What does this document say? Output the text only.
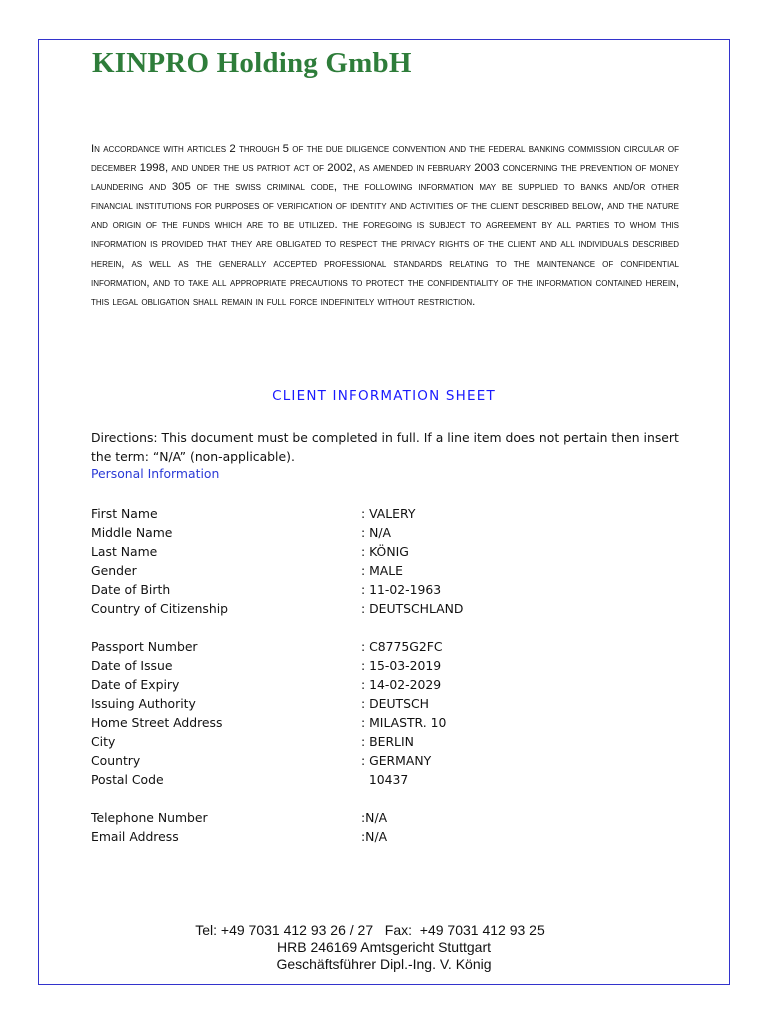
KINPRO Holding GmbH
In accordance with articles 2 through 5 of the due diligence convention and the federal banking commission circular of december 1998, and under the us patriot act of 2002, as amended in february 2003 concerning the prevention of money laundering and 305 of the swiss criminal code, the following information may be supplied to banks and/or other financial institutions for purposes of verification of identity and activities of the client described below, and the nature and origin of the funds which are to be utilized. the foregoing is subject to agreement by all parties to whom this information is provided that they are obligated to respect the privacy rights of the client and all individuals described herein, as well as the generally accepted professional standards relating to the maintenance of confidential information, and to take all appropriate precautions to protect the confidentiality of the information contained herein, this legal obligation shall remain in full force indefinitely without restriction.
CLIENT INFORMATION SHEET
Directions: This document must be completed in full. If a line item does not pertain then insert the term: “N/A” (non-applicable).
Personal Information
First Name	: VALERY
Middle Name	: N/A
Last Name	: KÖNIG
Gender	: MALE
Date of Birth	: 11-02-1963
Country of Citizenship	: DEUTSCHLAND
Passport Number	: C8775G2FC
Date of Issue	: 15-03-2019
Date of Expiry	: 14-02-2029
Issuing Authority	: DEUTSCH
Home Street Address	: MILASTR. 10
City	: BERLIN
Country	: GERMANY
Postal Code	10437
Telephone Number	:N/A
Email Address	:N/A
Tel: +49 7031 412 93 26 / 27   Fax:  +49 7031 412 93 25
HRB 246169 Amtsgericht Stuttgart
Geschäftsführer Dipl.-Ing. V. König
